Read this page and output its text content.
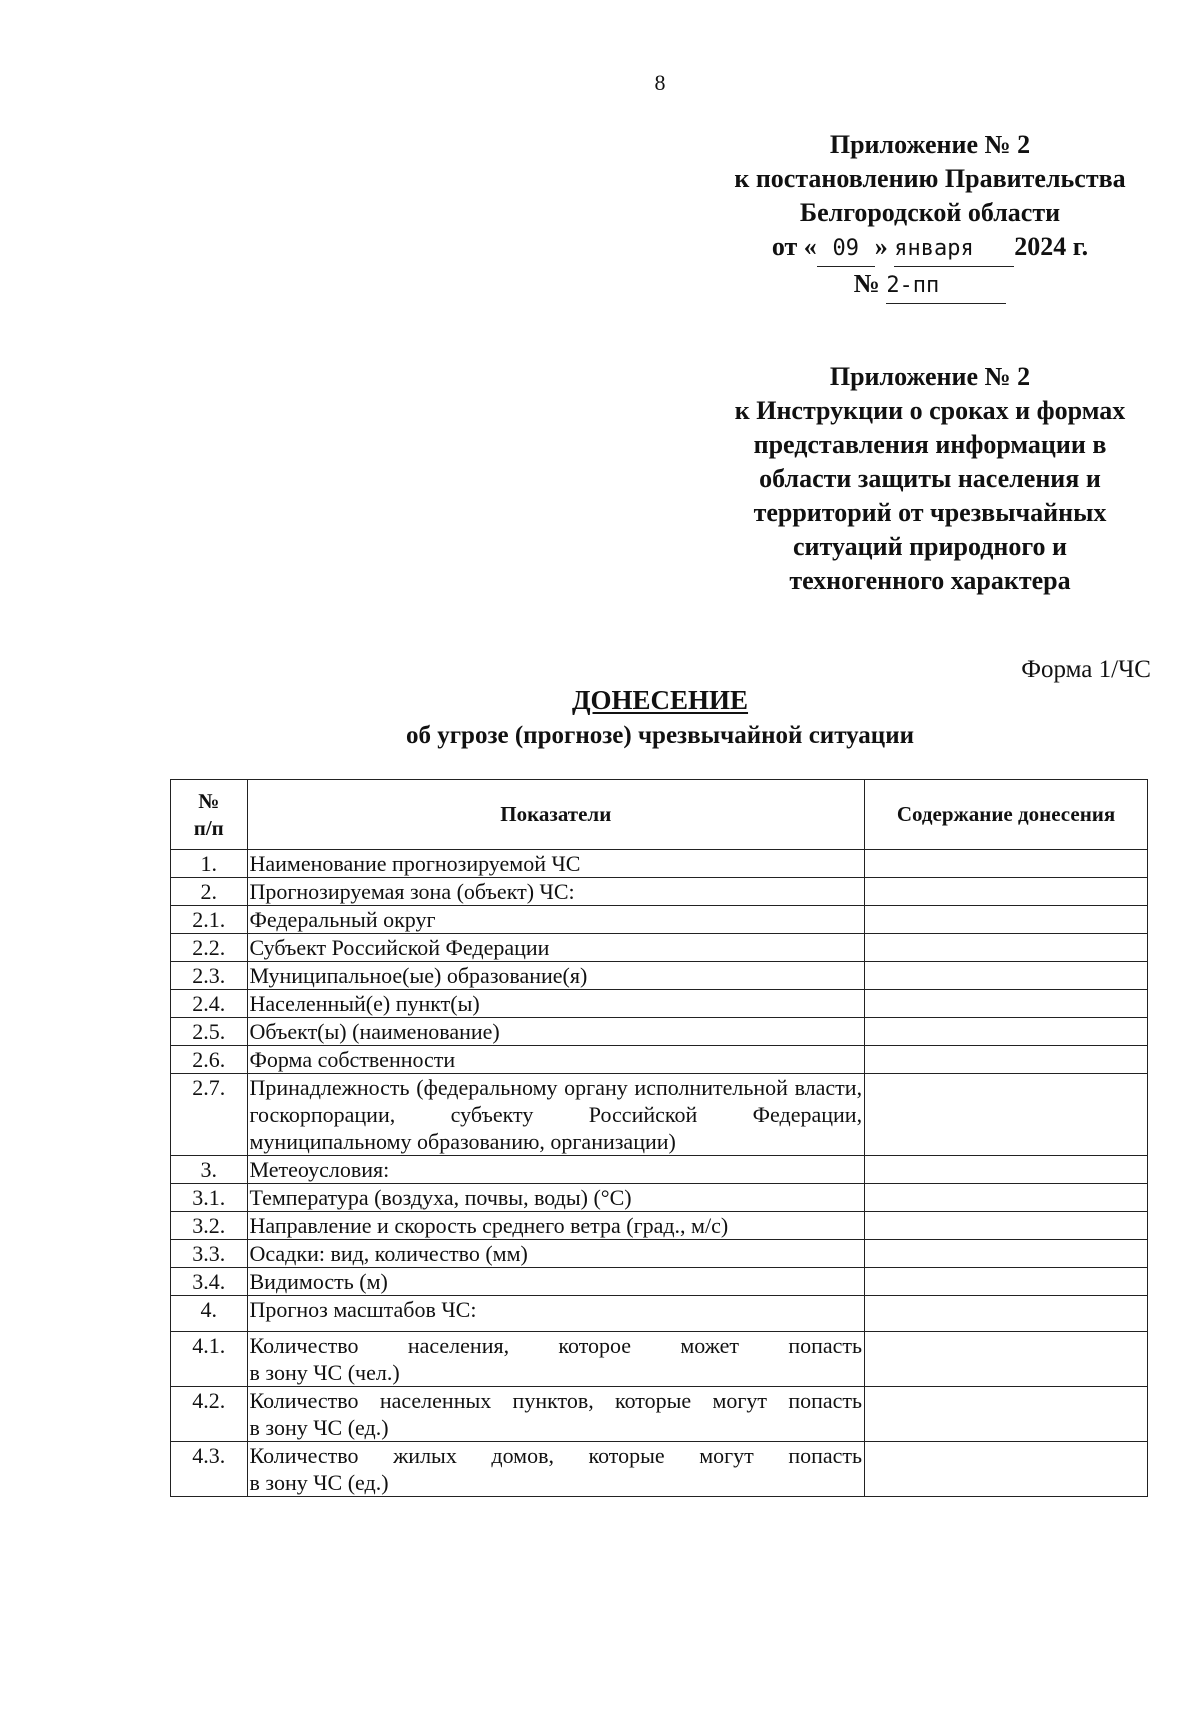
8
Приложение № 2
к постановлению Правительства
Белгородской области
от « 09 » января 2024 г.
№ 2-пп
Приложение № 2
к Инструкции о сроках и формах
представления информации в
области защиты населения и
территорий от чрезвычайных
ситуаций природного и
техногенного характера
Форма 1/ЧС
ДОНЕСЕНИЕ
об угрозе (прогнозе) чрезвычайной ситуации
№
п/п	Показатели	Содержание донесения
1.	Наименование прогнозируемой ЧС	
2.	Прогнозируемая зона (объект) ЧС:	
2.1.	Федеральный округ	
2.2.	Субъект Российской Федерации	
2.3.	Муниципальное(ые) образование(я)	
2.4.	Населенный(е) пункт(ы)	
2.5.	Объект(ы) (наименование)	
2.6.	Форма собственности	
2.7.	Принадлежность (федеральному органу исполнительной власти, госкорпорации, субъекту Российской Федерации, муниципальному образованию, организации)	
3.	Метеоусловия:	
3.1.	Температура (воздуха, почвы, воды) (°С)	
3.2.	Направление и скорость среднего ветра (град., м/с)	
3.3.	Осадки: вид, количество (мм)	
3.4.	Видимость (м)	
4.	Прогноз масштабов ЧС:	
4.1.	Количество населения, которое может попасть
в зону ЧС (чел.)	

4.2.	Количество населенных пунктов, которые могут попасть
в зону ЧС (ед.)	

4.3.	Количество жилых домов, которые могут попасть
в зону ЧС (ед.)	
